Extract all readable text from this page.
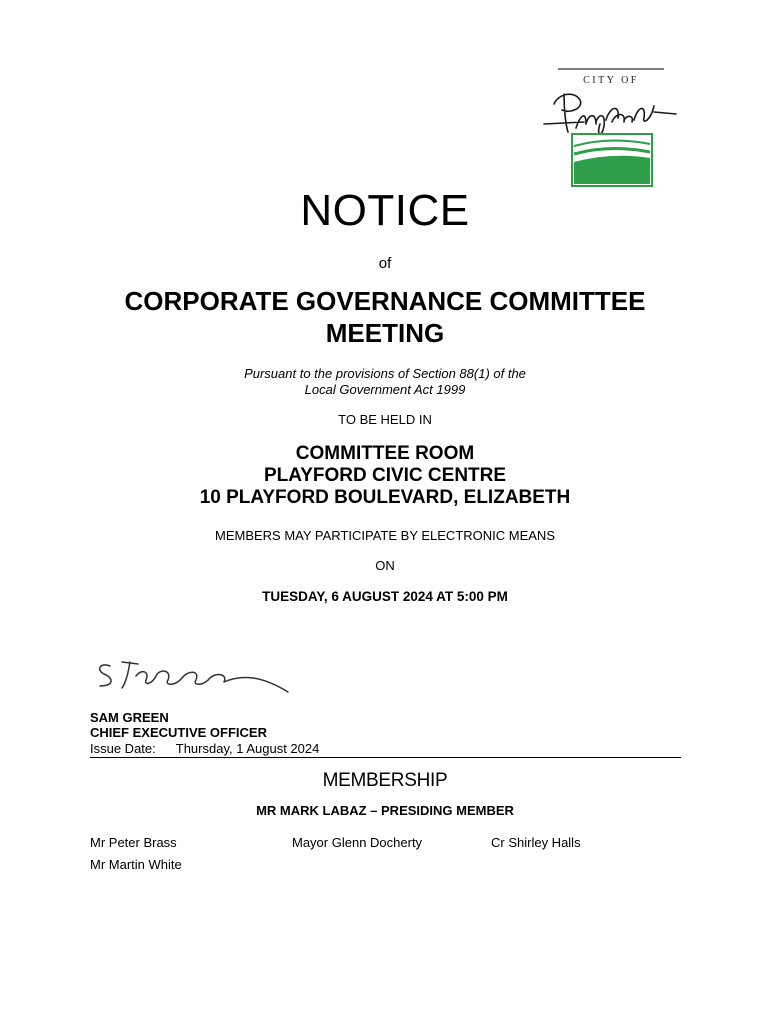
CITY OF
NOTICE
of
CORPORATE GOVERNANCE COMMITTEE
MEETING
Pursuant to the provisions of Section 88(1) of the
Local Government Act 1999
TO BE HELD IN
COMMITTEE ROOM
PLAYFORD CIVIC CENTRE
10 PLAYFORD BOULEVARD, ELIZABETH
MEMBERS MAY PARTICIPATE BY ELECTRONIC MEANS
ON
TUESDAY, 6 AUGUST 2024 AT 5:00 PM
SAM GREEN
CHIEF EXECUTIVE OFFICER
Issue Date: Thursday, 1 August 2024
MEMBERSHIP
MR MARK LABAZ – PRESIDING MEMBER
Mr Peter Brass	Mayor Glenn Docherty	Cr Shirley Halls
Mr Martin White
